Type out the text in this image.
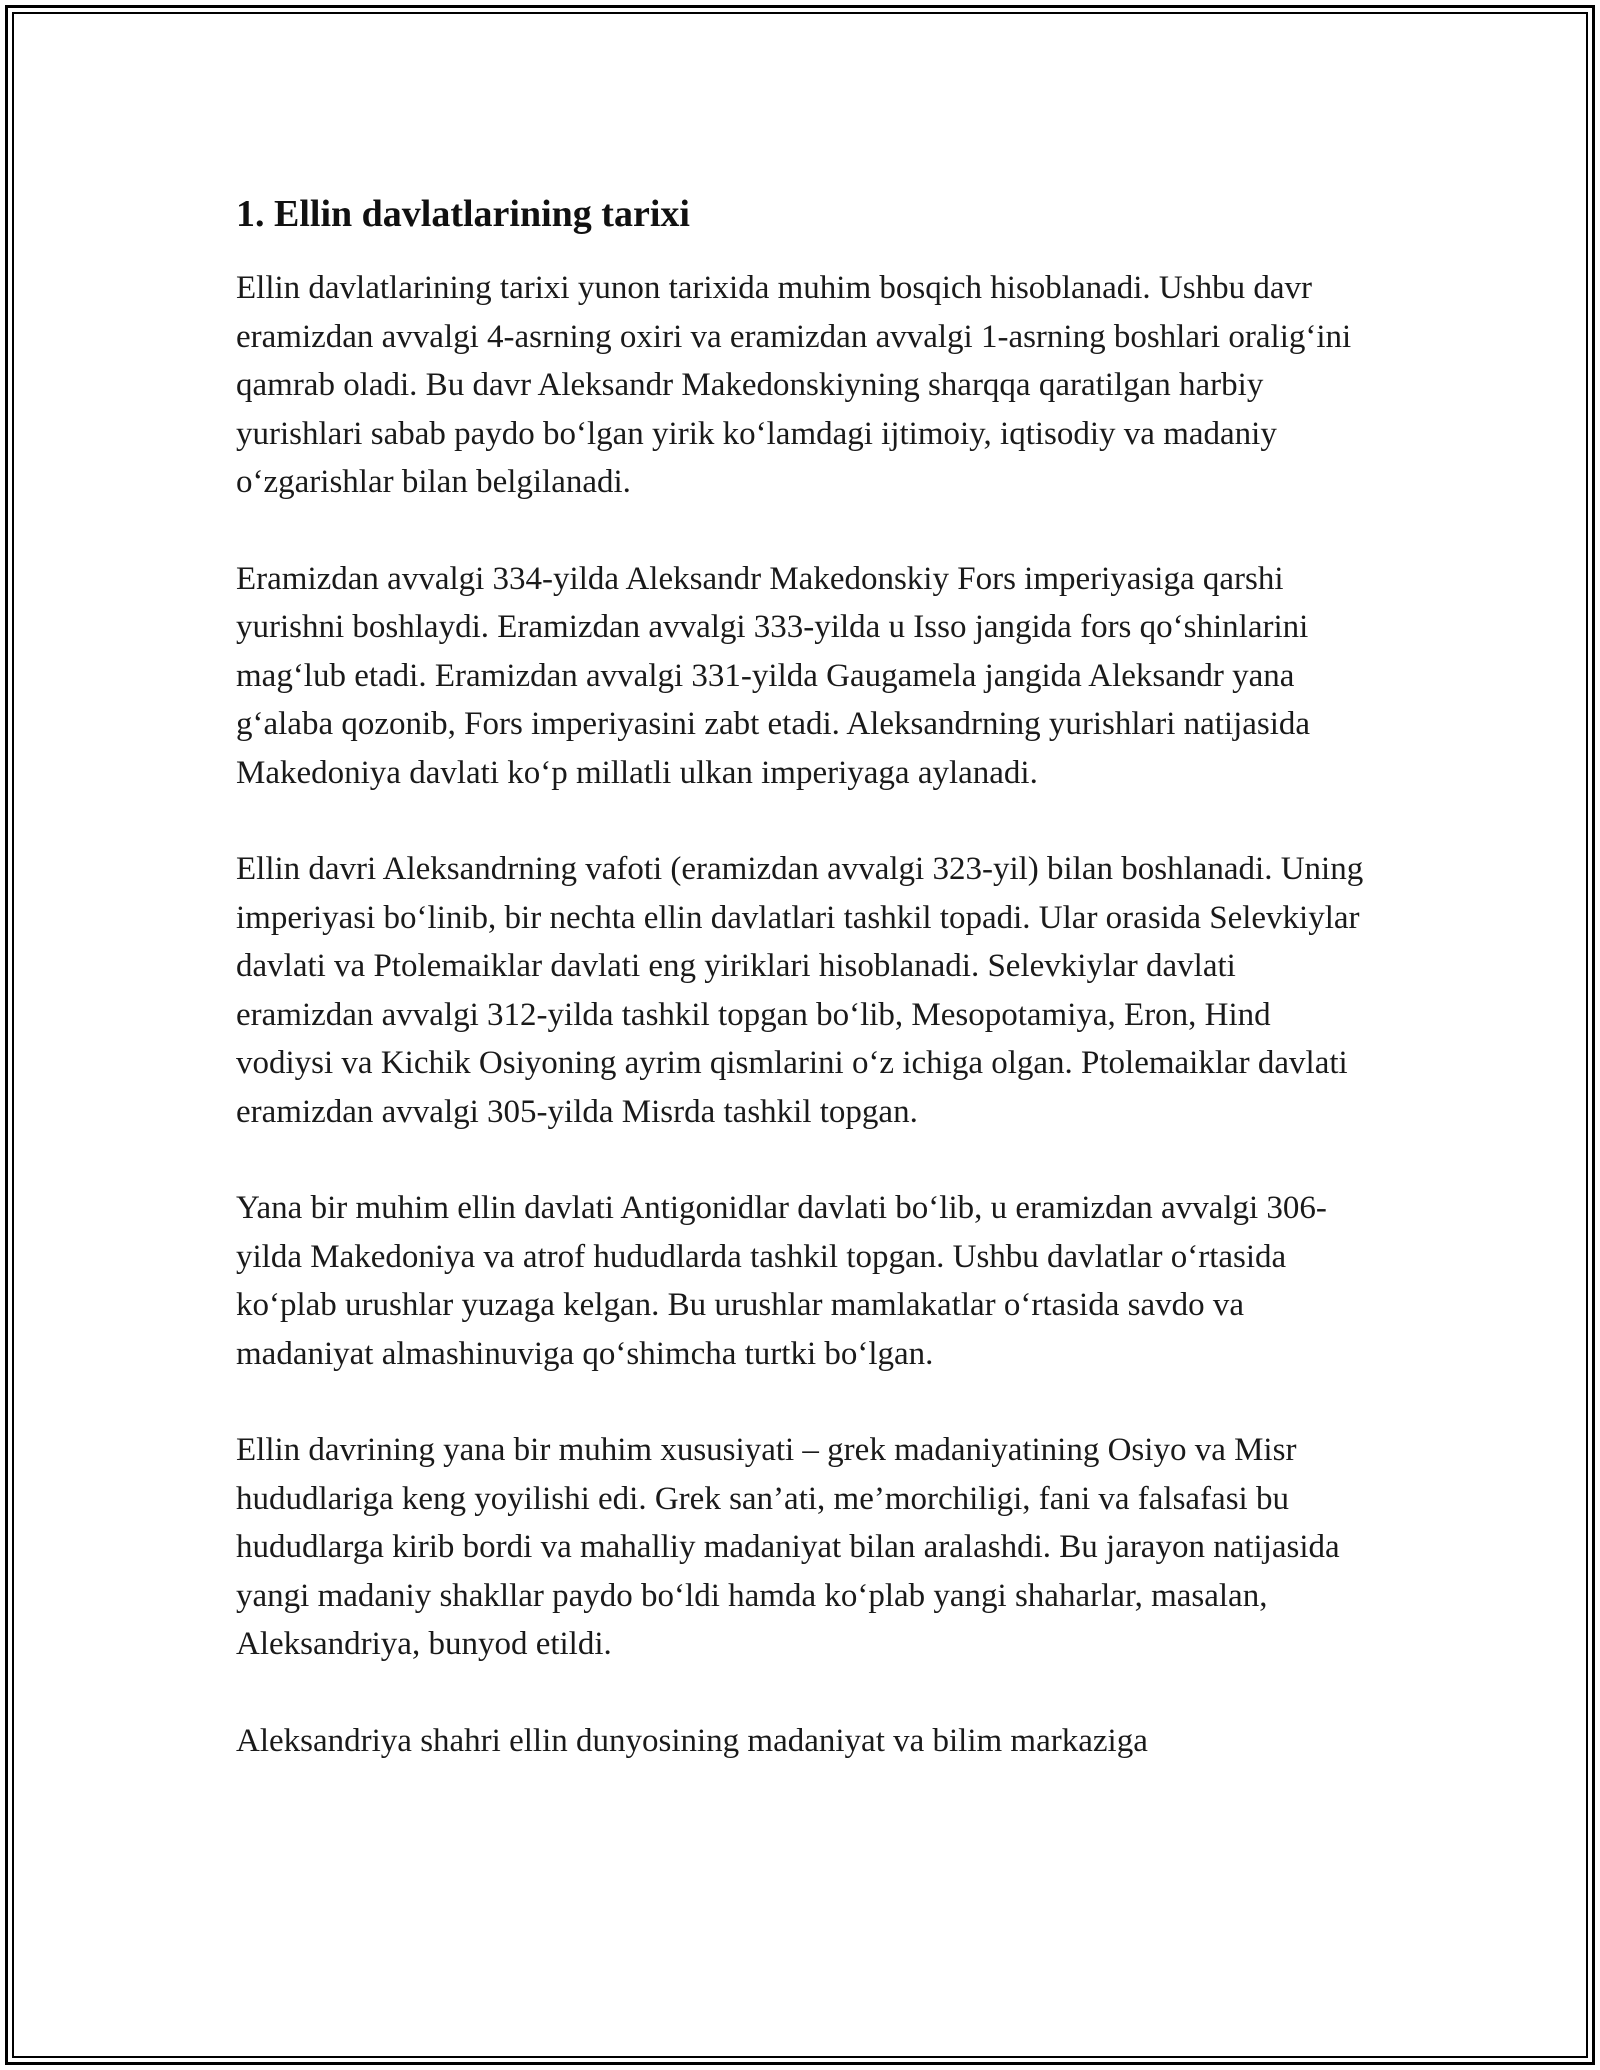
1. Ellin davlatlarining tarixi

Ellin davlatlarining tarixi yunon tarixida muhim bosqich hisoblanadi. Ushbu davr eramizdan avvalgi 4-asrning oxiri va eramizdan avvalgi 1-asrning boshlari oralig‘ini qamrab oladi. Bu davr Aleksandr Makedonskiyning sharqqa qaratilgan harbiy yurishlari sabab paydo bo‘lgan yirik ko‘lamdagi ijtimoiy, iqtisodiy va madaniy o‘zgarishlar bilan belgilanadi.

Eramizdan avvalgi 334-yilda Aleksandr Makedonskiy Fors imperiyasiga qarshi yurishni boshlaydi. Eramizdan avvalgi 333-yilda u Isso jangida fors qo‘shinlarini mag‘lub etadi. Eramizdan avvalgi 331-yilda Gaugamela jangida Aleksandr yana g‘alaba qozonib, Fors imperiyasini zabt etadi. Aleksandrning yurishlari natijasida Makedoniya davlati ko‘p millatli ulkan imperiyaga aylanadi.

Ellin davri Aleksandrning vafoti (eramizdan avvalgi 323-yil) bilan boshlanadi. Uning imperiyasi bo‘linib, bir nechta ellin davlatlari tashkil topadi. Ular orasida Selevkiylar davlati va Ptolemaiklar davlati eng yiriklari hisoblanadi. Selevkiylar davlati eramizdan avvalgi 312-yilda tashkil topgan bo‘lib, Mesopotamiya, Eron, Hind vodiysi va Kichik Osiyoning ayrim qismlarini o‘z ichiga olgan. Ptolemaiklar davlati eramizdan avvalgi 305-yilda Misrda tashkil topgan.

Yana bir muhim ellin davlati Antigonidlar davlati bo‘lib, u eramizdan avvalgi 306-yilda Makedoniya va atrof hududlarda tashkil topgan. Ushbu davlatlar o‘rtasida ko‘plab urushlar yuzaga kelgan. Bu urushlar mamlakatlar o‘rtasida savdo va madaniyat almashinuviga qo‘shimcha turtki bo‘lgan.

Ellin davrining yana bir muhim xususiyati – grek madaniyatining Osiyo va Misr hududlariga keng yoyilishi edi. Grek san’ati, me’morchiligi, fani va falsafasi bu hududlarga kirib bordi va mahalliy madaniyat bilan aralashdi. Bu jarayon natijasida yangi madaniy shakllar paydo bo‘ldi hamda ko‘plab yangi shaharlar, masalan, Aleksandriya, bunyod etildi.

Aleksandriya shahri ellin dunyosining madaniyat va bilim markaziga
